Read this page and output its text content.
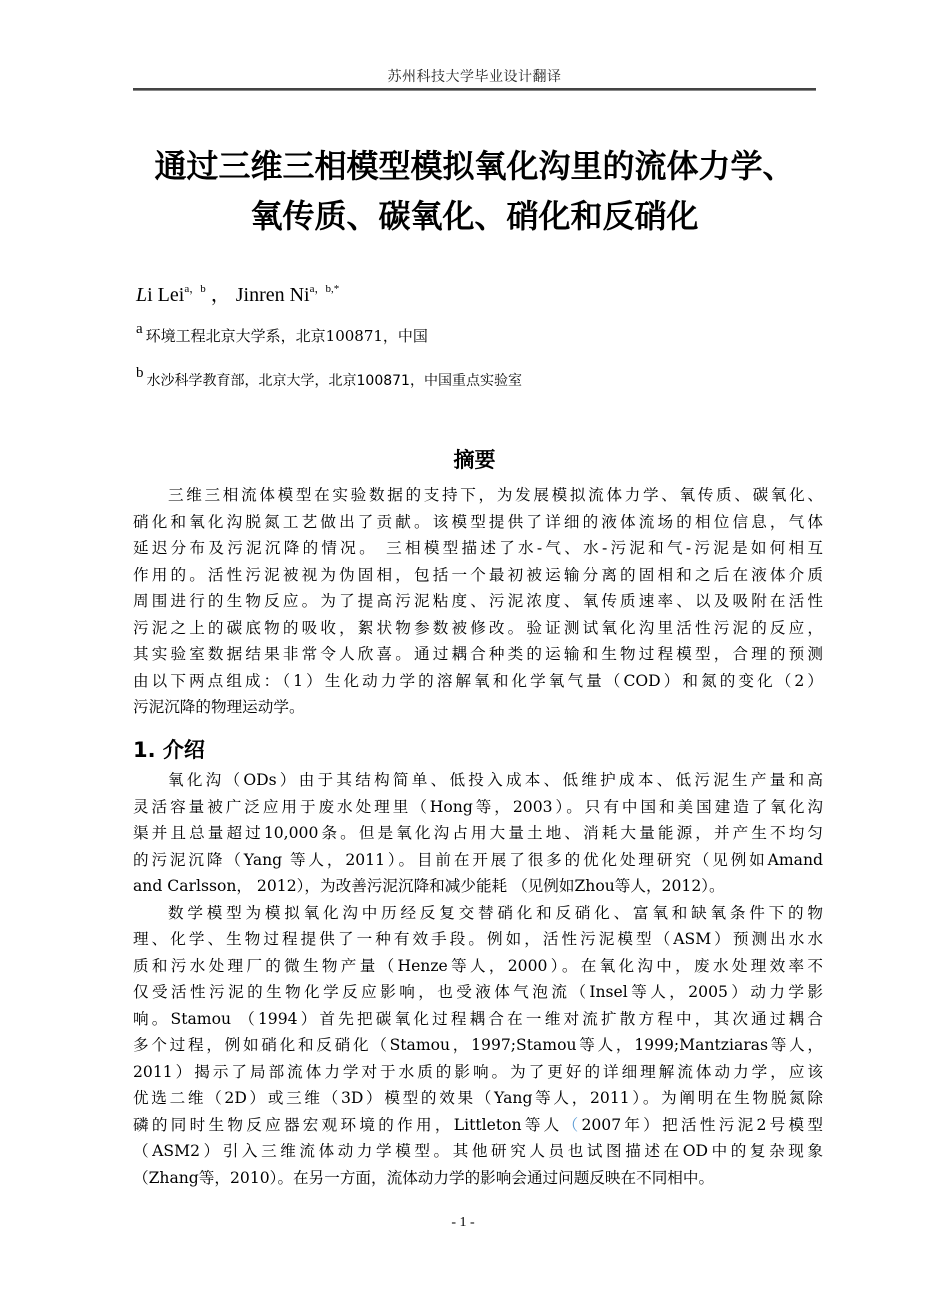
苏州科技大学毕业设计翻译
通过三维三相模型模拟氧化沟里的流体力学、
氧传质、碳氧化、硝化和反硝化
Li Lei$^{a,b}$ ， Jinren $Ni^{a,b,*}$
a 环境工程北京大学系，北京100871，中国
b 水沙科学教育部，北京大学，北京100871，中国重点实验室
摘要
三维三相流体模型在实验数据的支持下，为发展模拟流体力学、氧传质、碳氧化、
硝化和氧化沟脱氮工艺做出了贡献。该模型提供了详细的液体流场的相位信息，气体
延迟分布及污泥沉降的情况。 三相模型描述了水-气、水-污泥和气-污泥是如何相互
作用的。活性污泥被视为伪固相，包括一个最初被运输分离的固相和之后在液体介质
周围进行的生物反应。为了提高污泥粘度、污泥浓度、氧传质速率、以及吸附在活性
污泥之上的碳底物的吸收，絮状物参数被修改。验证测试氧化沟里活性污泥的反应，
其实验室数据结果非常令人欣喜。通过耦合种类的运输和生物过程模型，合理的预测
由以下两点组成：（1）生化动力学的溶解氧和化学氧气量（COD）和氮的变化（2）
污泥沉降的物理运动学。
1. 介绍
氧化沟（ODs）由于其结构简单、低投入成本、低维护成本、低污泥生产量和高
灵活容量被广泛应用于废水处理里（Hong等，2003）。只有中国和美国建造了氧化沟
渠并且总量超过10,000条。但是氧化沟占用大量土地、消耗大量能源，并产生不均匀
的污泥沉降（Yang 等人，2011）。目前在开展了很多的优化处理研究（见例如Amand
and Carlsson， 2012），为改善污泥沉降和减少能耗 （见例如Zhou等人，2012）。
数学模型为模拟氧化沟中历经反复交替硝化和反硝化、富氧和缺氧条件下的物
理、化学、生物过程提供了一种有效手段。例如，活性污泥模型（ASM）预测出水水
质和污水处理厂的微生物产量（Henze等人，2000）。在氧化沟中，废水处理效率不
仅受活性污泥的生物化学反应影响，也受液体气泡流（Insel等人，2005）动力学影
响。Stamou （1994）首先把碳氧化过程耦合在一维对流扩散方程中，其次通过耦合
多个过程，例如硝化和反硝化（Stamou，1997;Stamou等人，1999;Mantziaras等人，
2011）揭示了局部流体力学对于水质的影响。为了更好的详细理解流体动力学，应该
优选二维（2D）或三维（3D）模型的效果（Yang等人，2011）。为阐明在生物脱氮除
磷的同时生物反应器宏观环境的作用，Littleton等人（2007年）把活性污泥2号模型
（ASM2）引入三维流体动力学模型。其他研究人员也试图描述在OD中的复杂现象
（Zhang等，2010）。在另一方面，流体动力学的影响会通过问题反映在不同相中。
- 1 -
